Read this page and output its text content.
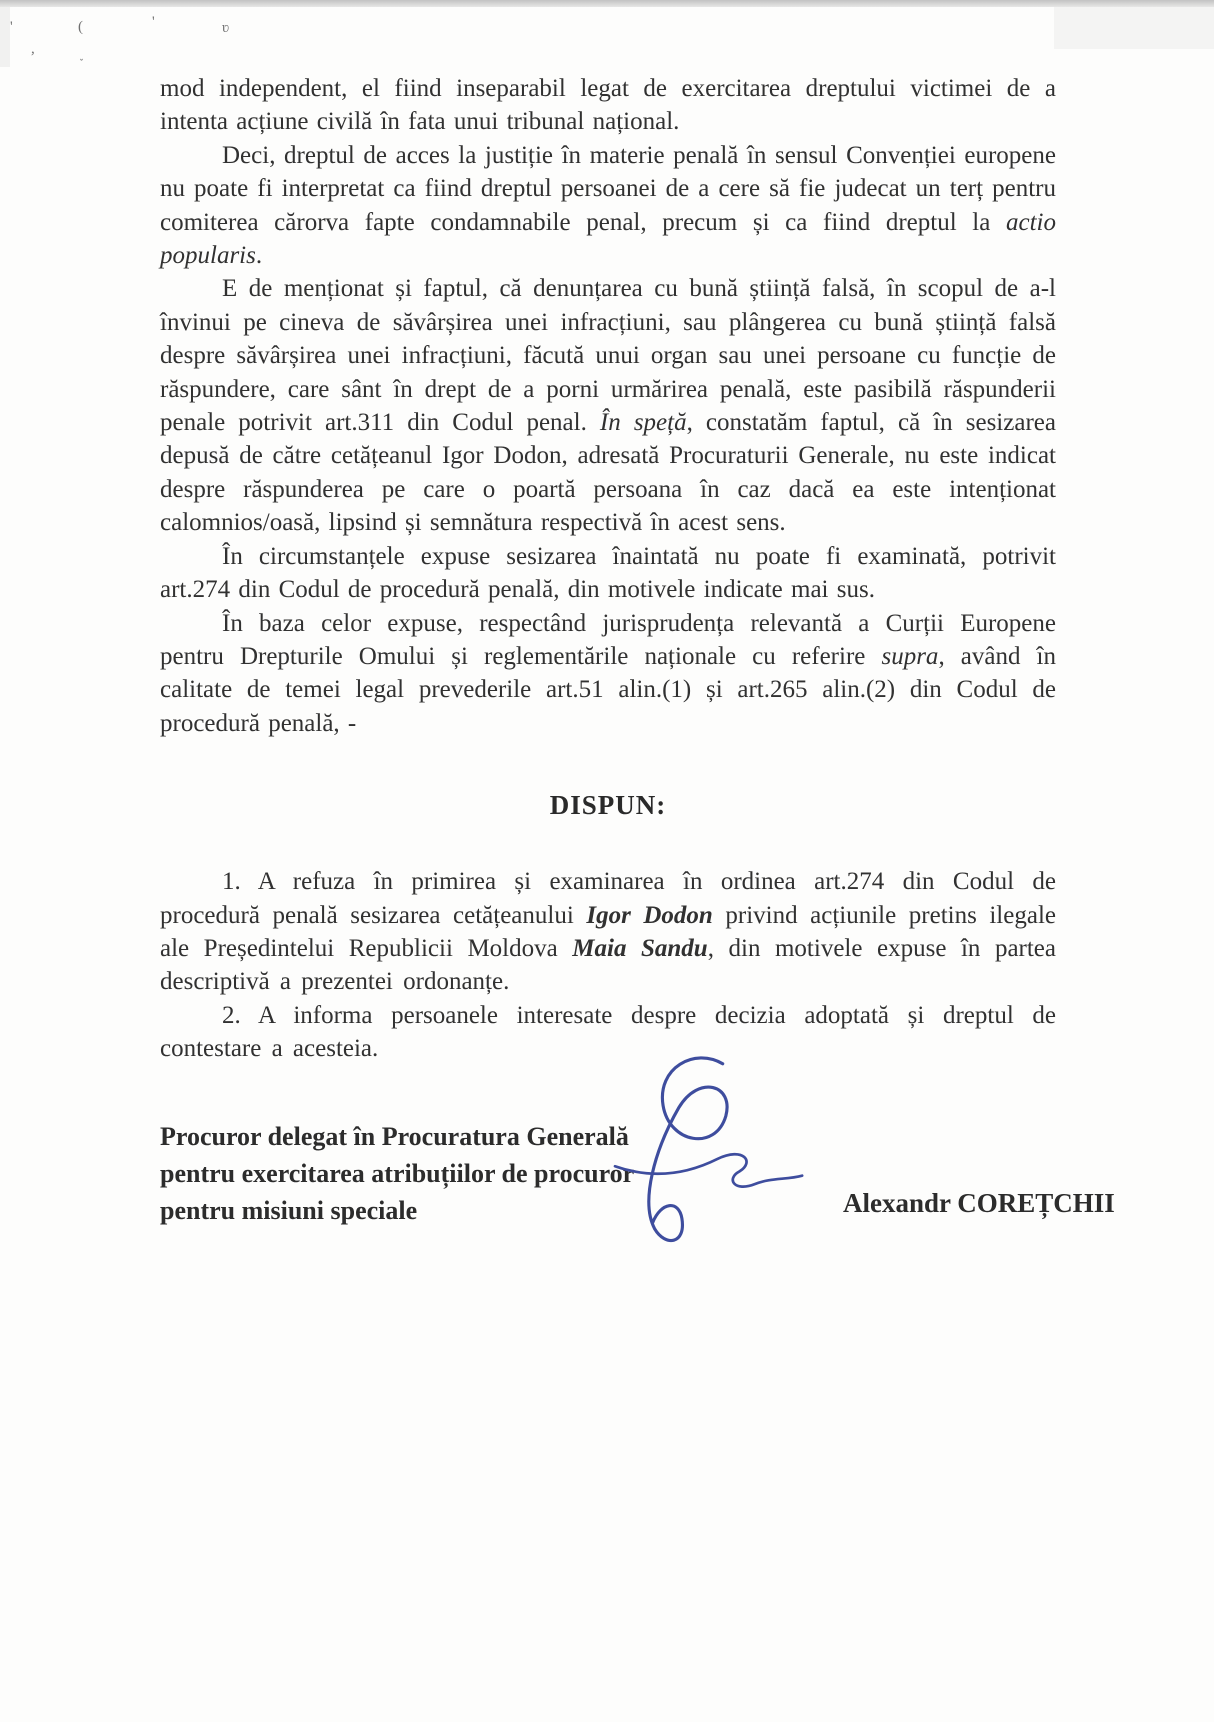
'
,
(
˯
'	ʋ

mod independent, el fiind inseparabil legat de exercitarea dreptului victimei de a intenta acțiune civilă în fata unui tribunal național.

Deci, dreptul de acces la justiție în materie penală în sensul Convenției europene nu poate fi interpretat ca fiind dreptul persoanei de a cere să fie judecat un terț pentru comiterea cărorva fapte condamnabile penal, precum și ca fiind dreptul la actio popularis.

E de menționat și faptul, că denunțarea cu bună știință falsă, în scopul de a-l învinui pe cineva de săvârșirea unei infracțiuni, sau plângerea cu bună știință falsă despre săvârșirea unei infracțiuni, făcută unui organ sau unei persoane cu funcție de răspundere, care sânt în drept de a porni urmărirea penală, este pasibilă răspunderii penale potrivit art.311 din Codul penal. În speță, constatăm faptul, că în sesizarea depusă de către cetățeanul Igor Dodon, adresată Procuraturii Generale, nu este indicat despre răspunderea pe care o poartă persoana în caz dacă ea este intenționat calomnios/oasă, lipsind și semnătura respectivă în acest sens.

În circumstanțele expuse sesizarea înaintată nu poate fi examinată, potrivit art.274 din Codul de procedură penală, din motivele indicate mai sus.

În baza celor expuse, respectând jurisprudența relevantă a Curții Europene pentru Drepturile Omului și reglementările naționale cu referire supra, având în calitate de temei legal prevederile art.51 alin.(1) și art.265 alin.(2) din Codul de procedură penală, -

DISPUN:

1. A refuza în primirea și examinarea în ordinea art.274 din Codul de procedură penală sesizarea cetățeanului Igor Dodon privind acțiunile pretins ilegale ale Președintelui Republicii Moldova Maia Sandu, din motivele expuse în partea descriptivă a prezentei ordonanțe.

2. A informa persoanele interesate despre decizia adoptată și dreptul de contestare a acesteia.

Procuror delegat în Procuratura Generală
pentru exercitarea atribuțiilor de procuror
pentru misiuni speciale	Alexandr COREȚCHII
